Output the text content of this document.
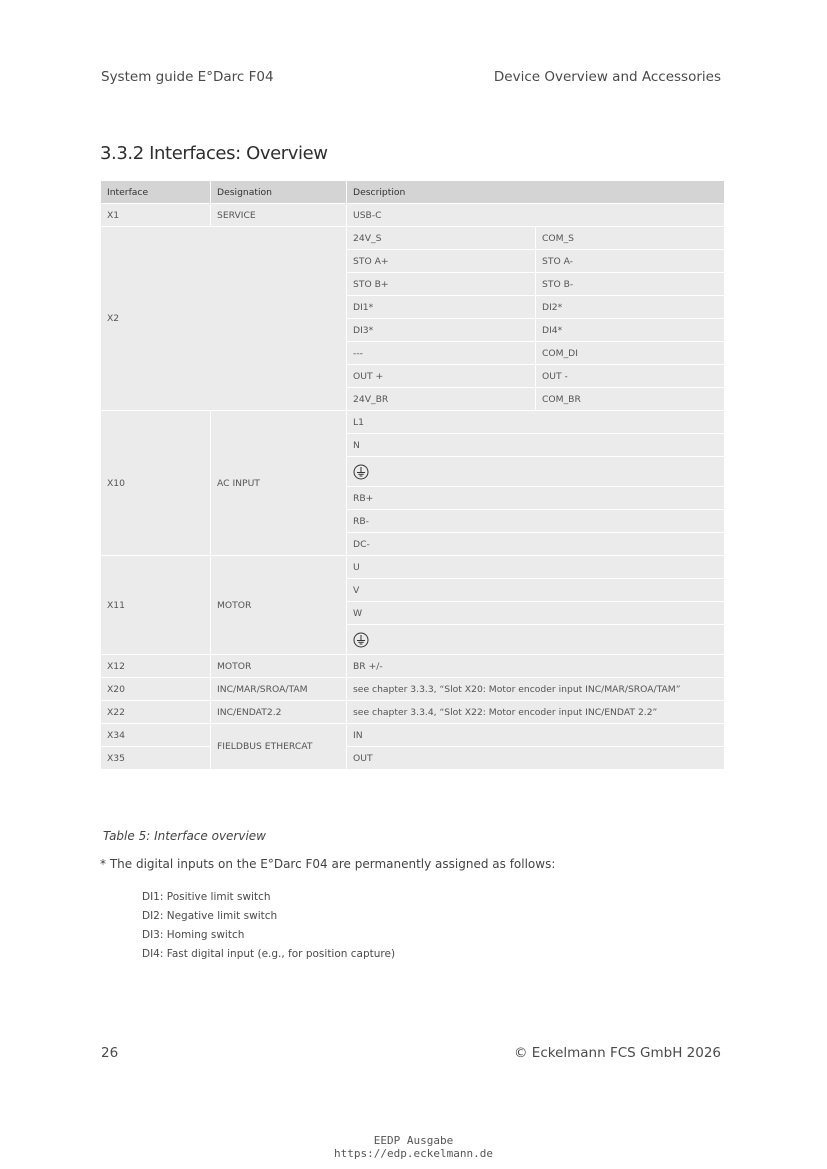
System guide E°Darc F04	Device Overview and Accessories
3.3.2 Interfaces: Overview
Interface	Designation	Description	
X1	SERVICE	USB-C	
X2		24V_S	COM_S
		STO A+	STO A-
		STO B+	STO B-
		DI1*	DI2*
		DI3*	DI4*
		---	COM_DI
		OUT +	OUT -
		24V_BR	COM_BR
X10	AC INPUT	L1	
		N	

		RB+	
		RB-	
		DC-	
X11	MOTOR	U	
		V	
		W	

X12	MOTOR	BR +/-	
X20	INC/MAR/SROA/TAM	see chapter 3.3.3, “Slot X20: Motor encoder input INC/MAR/SROA/TAM”	
X22	INC/ENDAT2.2	see chapter 3.3.4, “Slot X22: Motor encoder input INC/ENDAT 2.2”	
X34	FIELDBUS ETHERCAT	IN	
X35		OUT	

Table 5: Interface overview

* The digital inputs on the E°Darc F04 are permanently assigned as follows:

DI1: Positive limit switch
DI2: Negative limit switch
DI3: Homing switch
DI4: Fast digital input (e.g., for position capture)
26	© Eckelmann FCS GmbH 2026
EEDP Ausgabe
https://edp.eckelmann.de
